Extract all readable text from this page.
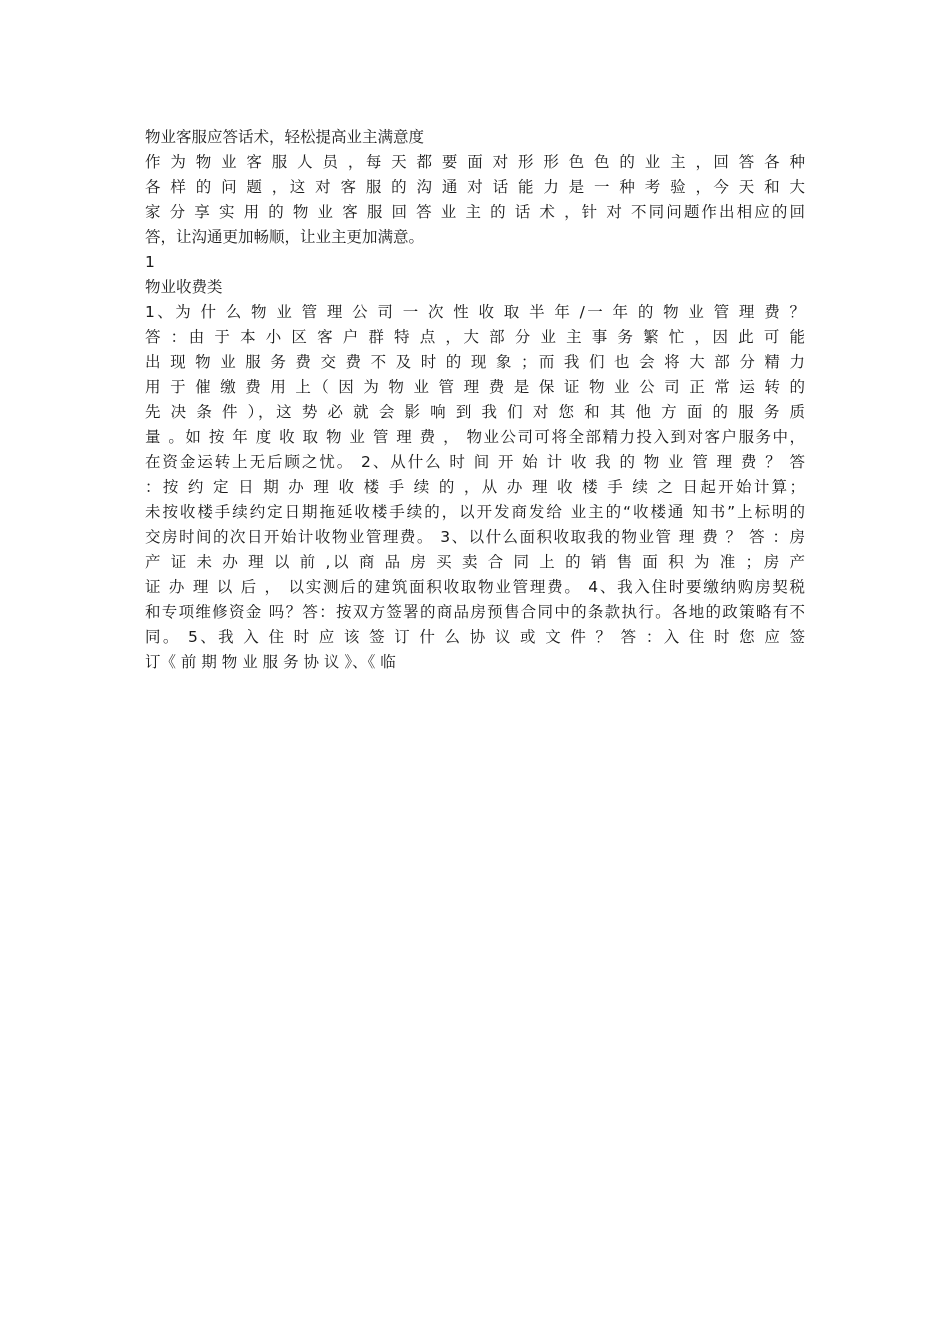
物业客服应答话术，轻松提高业主满意度
作 为 物 业 客 服 人 员 ，每 天 都 要 面 对 形 形 色 色 的 业 主 ，回 答 各 种
各 样 的 问 题 ，这 对 客 服 的 沟 通 对 话 能 力 是 一 种 考 验 ，今 天 和 大
家 分 享 实 用 的 物 业 客 服 回 答 业 主 的 话 术 ，针 对 不同问题作出相应的回
答，让沟通更加畅顺，让业主更加满意。
1
物业收费类
1、为 什 么 物 业 管 理 公 司 一 次 性 收 取 半 年 /一 年 的 物 业 管 理 费 ？
答 ：由 于 本 小 区 客 户 群 特 点 ，大 部 分 业 主 事 务 繁 忙 ，因 此 可 能
出 现 物 业 服 务 费 交 费 不 及 时 的 现 象 ；而 我 们 也 会 将 大 部 分 精 力
用 于 催 缴 费 用 上（ 因 为 物 业 管 理 费 是 保 证 物 业 公 司 正 常 运 转 的
先 决 条 件 ），这 势 必 就 会 影 响 到 我 们 对 您 和 其 他 方 面 的 服 务 质
量 。如 按 年 度 收 取 物 业 管 理 费 ， 物业公司可将全部精力投入到对客户服务中，
在资金运转上无后顾之忧。 2、从什么 时 间 开 始 计 收 我 的 物 业 管 理 费 ？ 答
：按 约 定 日 期 办 理 收 楼 手 续 的 ，从 办 理 收 楼 手 续 之 日起开始计算；
未按收楼手续约定日期拖延收楼手续的，以开发商发给 业主的“收楼通 知书”上标明的
交房时间的次日开始计收物业管理费。 3、以什么面积收取我的物业管 理 费 ？ 答 ：房
产 证 未 办 理 以 前 ,以 商 品 房 买 卖 合 同 上 的 销 售 面 积 为 准 ；房 产
证 办 理 以 后 ， 以实测后的建筑面积收取物业管理费。 4、我入住时要缴纳购房契税
和专项维修资金 吗？答：按双方签署的商品房预售合同中的条款执行。各地的政策略有不
同。 5、我 入 住 时 应 该 签 订 什 么 协 议 或 文 件 ？ 答 ：入 住 时 您 应 签
订《 前 期 物 业 服 务 协 议 》、《 临
